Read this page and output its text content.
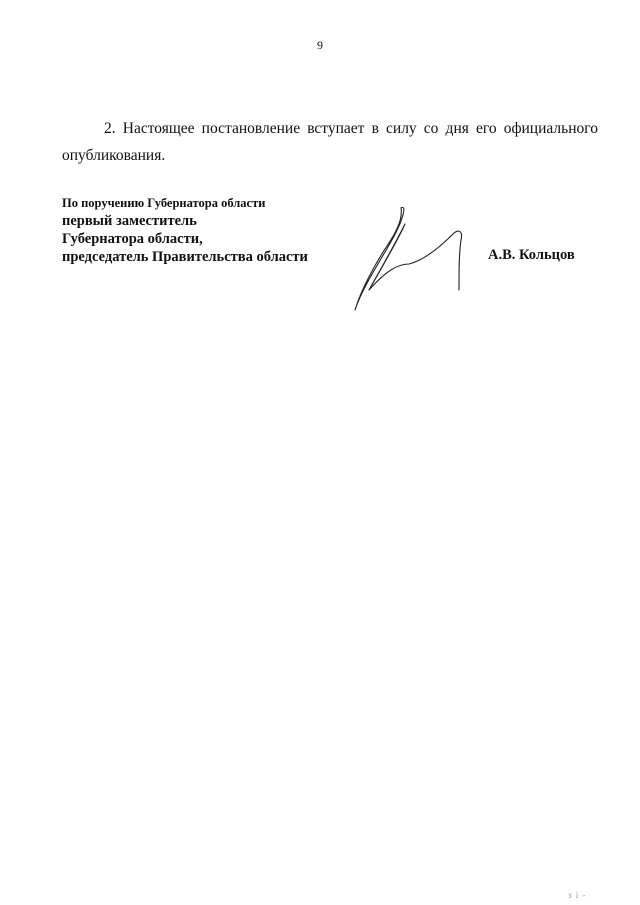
9
2. Настоящее постановление вступает в силу со дня его официального опубликования.
По поручению Губернатора области
первый заместитель
Губернатора области,
председатель Правительства области	А.В. Кольцов
з і -
